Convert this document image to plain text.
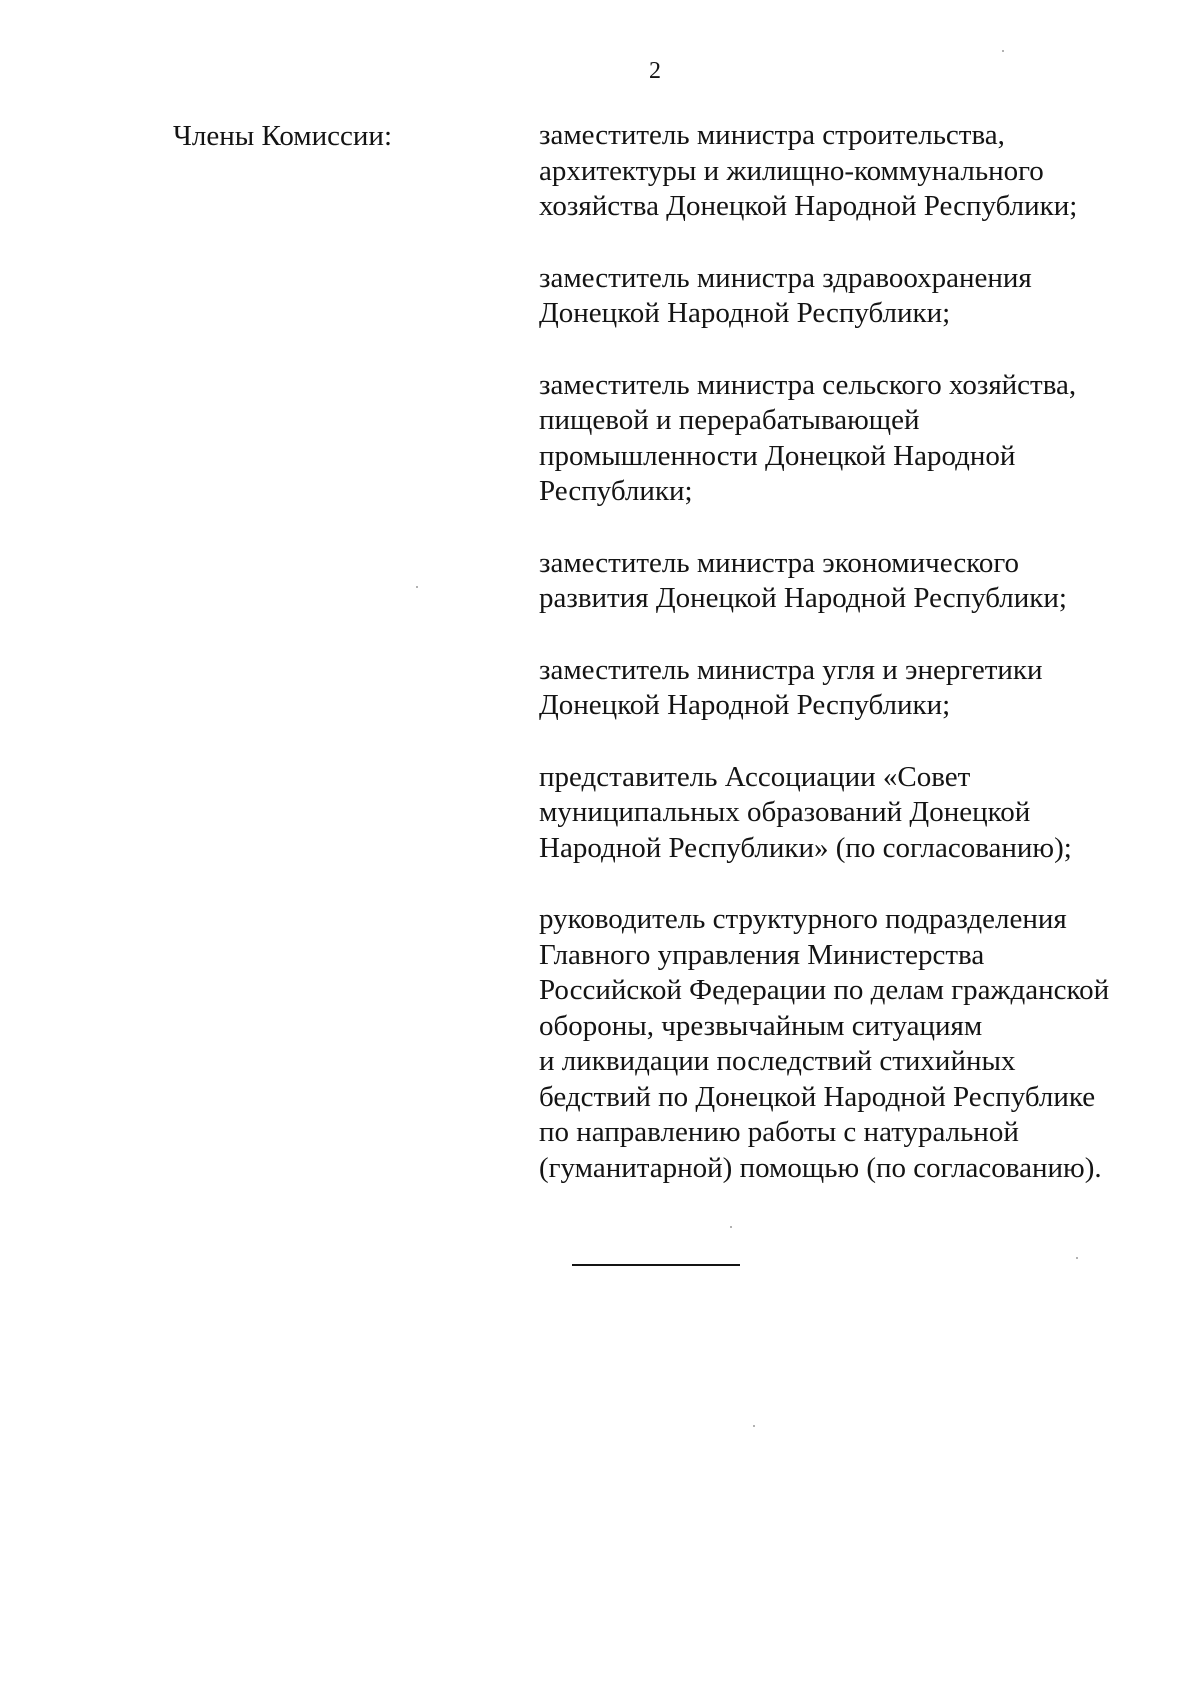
2
Члены Комиссии:	заместитель министра строительства,
архитектуры и жилищно-коммунального
хозяйства Донецкой Народной Республики;
заместитель министра здравоохранения
Донецкой Народной Республики;
заместитель министра сельского хозяйства,
пищевой и перерабатывающей
промышленности Донецкой Народной
Республики;
заместитель министра экономического
развития Донецкой Народной Республики;
заместитель министра угля и энергетики
Донецкой Народной Республики;
представитель Ассоциации «Совет
муниципальных образований Донецкой
Народной Республики» (по согласованию);
руководитель структурного подразделения
Главного управления Министерства
Российской Федерации по делам гражданской
обороны, чрезвычайным ситуациям
и ликвидации последствий стихийных
бедствий по Донецкой Народной Республике
по направлению работы с натуральной
(гуманитарной) помощью (по согласованию).
